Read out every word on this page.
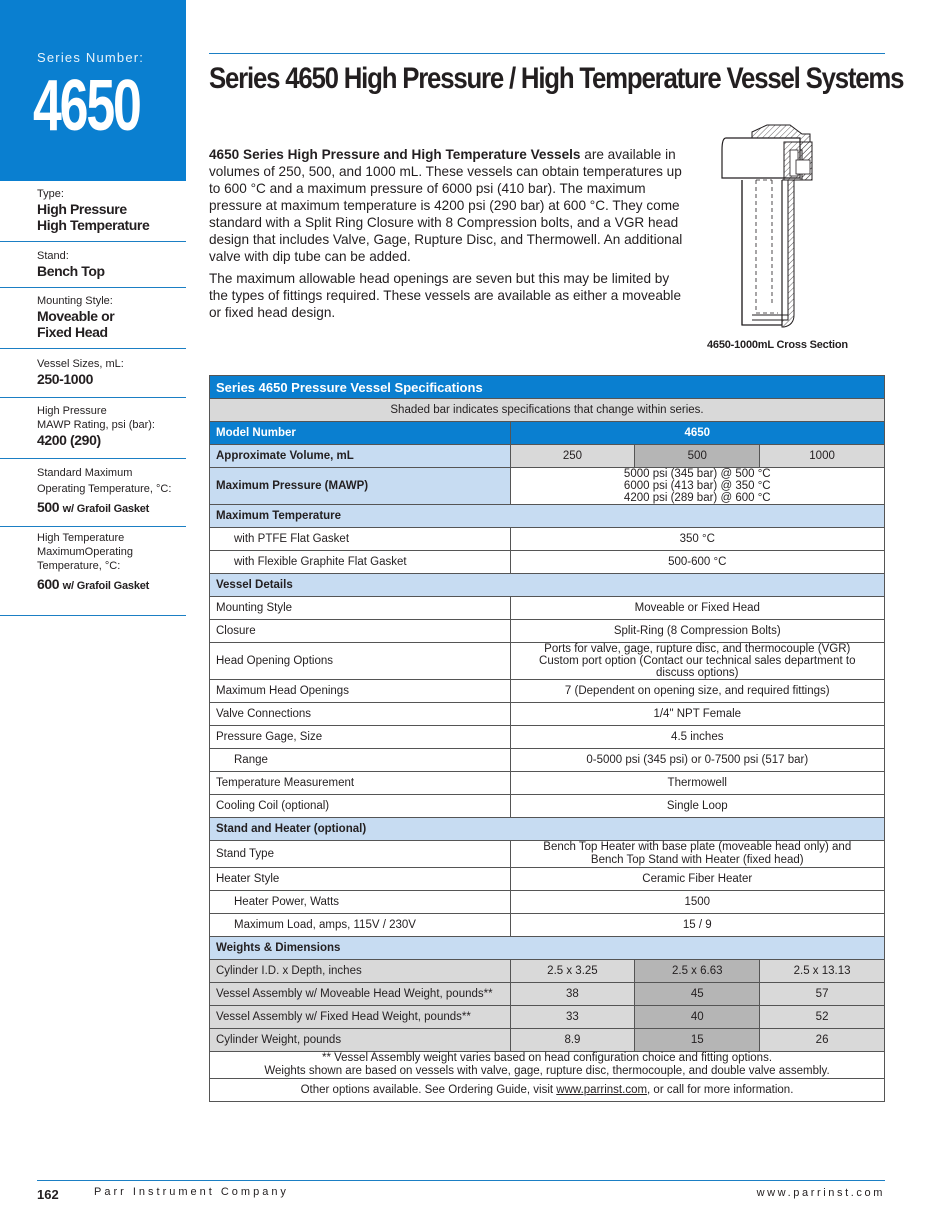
Series Number:
4650
Type:
High Pressure
High Temperature
Stand:
Bench Top
Mounting Style:
Moveable or
Fixed Head
Vessel Sizes, mL:
250-1000
High Pressure
MAWP Rating, psi (bar):
4200 (290)
Standard Maximum
Operating Temperature, °C:
500 w/ Grafoil Gasket
High Temperature
MaximumOperating
Temperature, °C:
600 w/ Grafoil Gasket
Series 4650 High Pressure / High Temperature Vessel Systems

4650 Series High Pressure and High Temperature Vessels are available in volumes of 250, 500, and 1000 mL. These vessels can obtain temperatures up to 600 °C and a maximum pressure of 6000 psi (410 bar). The maximum pressure at maximum temperature is 4200 psi (290 bar) at 600 °C. They come standard with a Split Ring Closure with 8 Compression bolts, and a VGR head design that includes Valve, Gage, Rupture Disc, and Thermowell. An additional valve with dip tube can be added.

The maximum allowable head openings are seven but this may be limited by the types of fittings required. These vessels are available as either a moveable or fixed head design.

4650-1000mL Cross Section
Series 4650 Pressure Vessel Specifications			
Shaded bar indicates specifications that change within series.			
Model Number	4650		
Approximate Volume, mL	250	500	1000
Maximum Pressure (MAWP)	5000 psi (345 bar) @ 500 °C
6000 psi (413 bar) @ 350 °C
4200 psi (289 bar) @ 600 °C		

Maximum Temperature			
with PTFE Flat Gasket	350 °C		
with Flexible Graphite Flat Gasket	500-600 °C		
Vessel Details			
Mounting Style	Moveable or Fixed Head		
Closure	Split-Ring (8 Compression Bolts)		
Head Opening Options	Ports for valve, gage, rupture disc, and thermocouple (VGR)
Custom port option (Contact our technical sales department to
discuss options)		

Maximum Head Openings	7 (Dependent on opening size, and required fittings)		
Valve Connections	1/4" NPT Female		
Pressure Gage, Size	4.5 inches		
Range	0-5000 psi (345 psi) or 0-7500 psi (517 bar)		
Temperature Measurement	Thermowell		
Cooling Coil (optional)	Single Loop		
Stand and Heater (optional)			
Stand Type	Bench Top Heater with base plate (moveable head only) and
Bench Top Stand with Heater (fixed head)		

Heater Style	Ceramic Fiber Heater		
Heater Power, Watts	1500		
Maximum Load, amps, 115V / 230V	15 / 9		
Weights & Dimensions			
Cylinder I.D. x Depth, inches	2.5 x 3.25	2.5 x 6.63	2.5 x 13.13
Vessel Assembly w/ Moveable Head Weight, pounds**	38	45	57
Vessel Assembly w/ Fixed Head Weight, pounds**	33	40	52
Cylinder Weight, pounds	8.9	15	26

** Vessel Assembly weight varies based on head configuration choice and fitting options.
Weights shown are based on vessels with valve, gage, rupture disc, thermocouple, and double valve assembly.			

Other options available. See Ordering Guide, visit www.parrinst.com, or call for more information.			
162	Parr Instrument Company	www.parrinst.com
